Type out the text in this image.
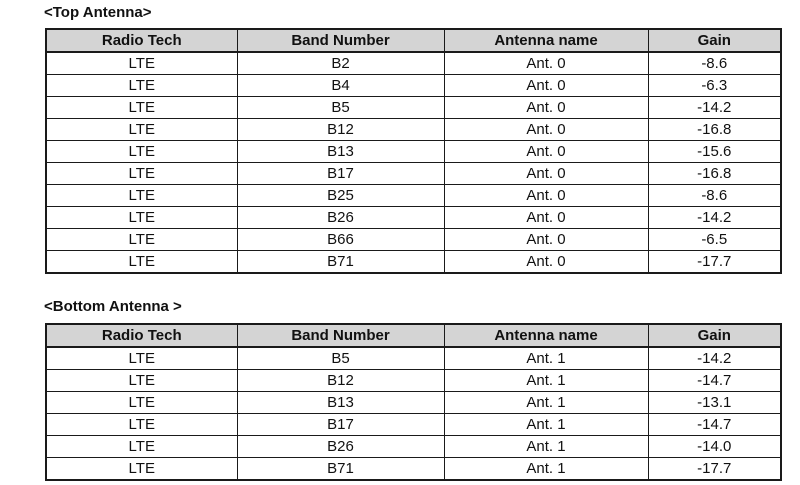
<Top Antenna>
Radio Tech	Band Number	Antenna name	Gain
LTE	B2	Ant. 0	-8.6
LTE	B4	Ant. 0	-6.3
LTE	B5	Ant. 0	-14.2
LTE	B12	Ant. 0	-16.8
LTE	B13	Ant. 0	-15.6
LTE	B17	Ant. 0	-16.8
LTE	B25	Ant. 0	-8.6
LTE	B26	Ant. 0	-14.2
LTE	B66	Ant. 0	-6.5
LTE	B71	Ant. 0	-17.7
<Bottom Antenna >
Radio Tech	Band Number	Antenna name	Gain
LTE	B5	Ant. 1	-14.2
LTE	B12	Ant. 1	-14.7
LTE	B13	Ant. 1	-13.1
LTE	B17	Ant. 1	-14.7
LTE	B26	Ant. 1	-14.0
LTE	B71	Ant. 1	-17.7
